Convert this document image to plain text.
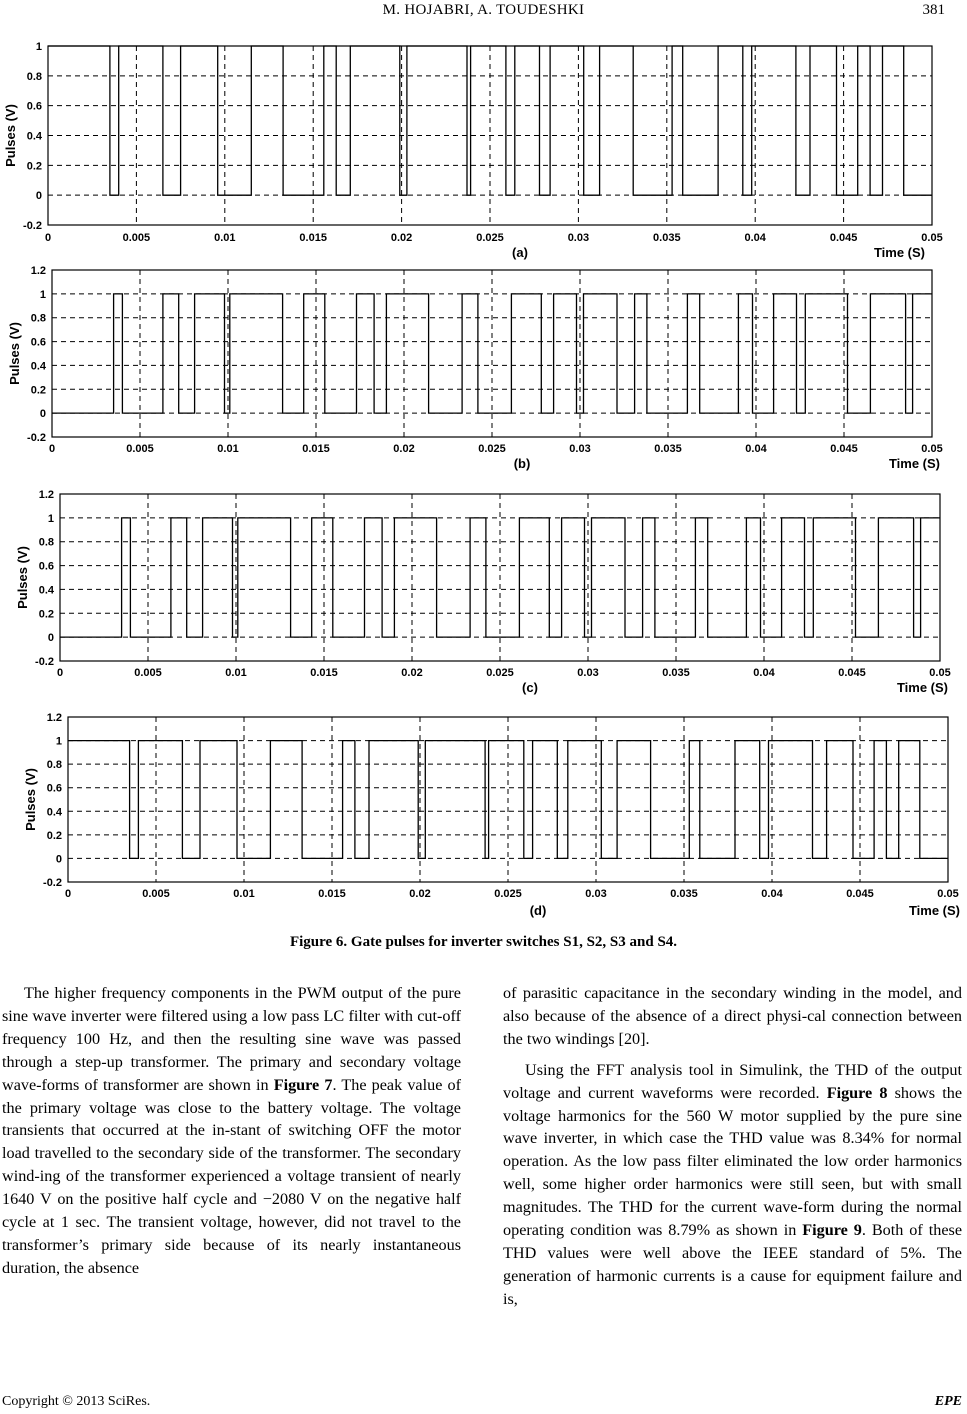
M. HOJABRI, A. TOUDESHKI	381
0	0.005	0.01	0.015	0.02	0.025	0.03	0.035	0.04	0.045	0.05
-0.2
0
0.2
0.4
0.6
0.8
1
Pulses (V)
(a)	Time (S)
0	0.005	0.01	0.015	0.02	0.025	0.03	0.035	0.04	0.045	0.05
-0.2
0
0.2
0.4
0.6
0.8
1
1.2
Pulses (V)
(b)	Time (S)
0	0.005	0.01	0.015	0.02	0.025	0.03	0.035	0.04	0.045	0.05
-0.2
0
0.2
0.4
0.6
0.8
1
1.2
Pulses (V)
(c)	Time (S)
0	0.005	0.01	0.015	0.02	0.025	0.03	0.035	0.04	0.045	0.05
-0.2
0
0.2
0.4
0.6
0.8
1
1.2
Pulses (V)
(d)	Time (S)
Figure 6. Gate pulses for inverter switches S1, S2, S3 and S4.

The higher frequency components in the PWM output of the pure sine wave inverter were filtered using a low pass LC filter with cut-off frequency 100 Hz, and then the resulting sine wave was passed through a step-up transformer. The primary and secondary voltage wave-forms of transformer are shown in Figure 7. The peak value of the primary voltage was close to the battery voltage. The voltage transients that occurred at the in-stant of switching OFF the motor load travelled to the secondary side of the transformer. The secondary wind-ing of the transformer experienced a voltage transient of nearly 1640 V on the positive half cycle and −2080 V on the negative half cycle at 1 sec. The transient voltage, however, did not travel to the transformer’s primary side because of its nearly instantaneous duration, the absence

of parasitic capacitance in the secondary winding in the model, and also because of the absence of a direct physi-cal connection between the two windings [20].

Using the FFT analysis tool in Simulink, the THD of the output voltage and current waveforms were recorded. Figure 8 shows the voltage harmonics for the 560 W motor supplied by the pure sine wave inverter, in which case the THD value was 8.34% for normal operation. As the low pass filter eliminated the low order harmonics well, some higher order harmonics were still seen, but with small magnitudes. The THD for the current wave-form during the normal operating condition was 8.79% as shown in Figure 9. Both of these THD values were well above the IEEE standard of 5%. The generation of harmonic currents is a cause for equipment failure and is,

Copyright © 2013 SciRes.	EPE
